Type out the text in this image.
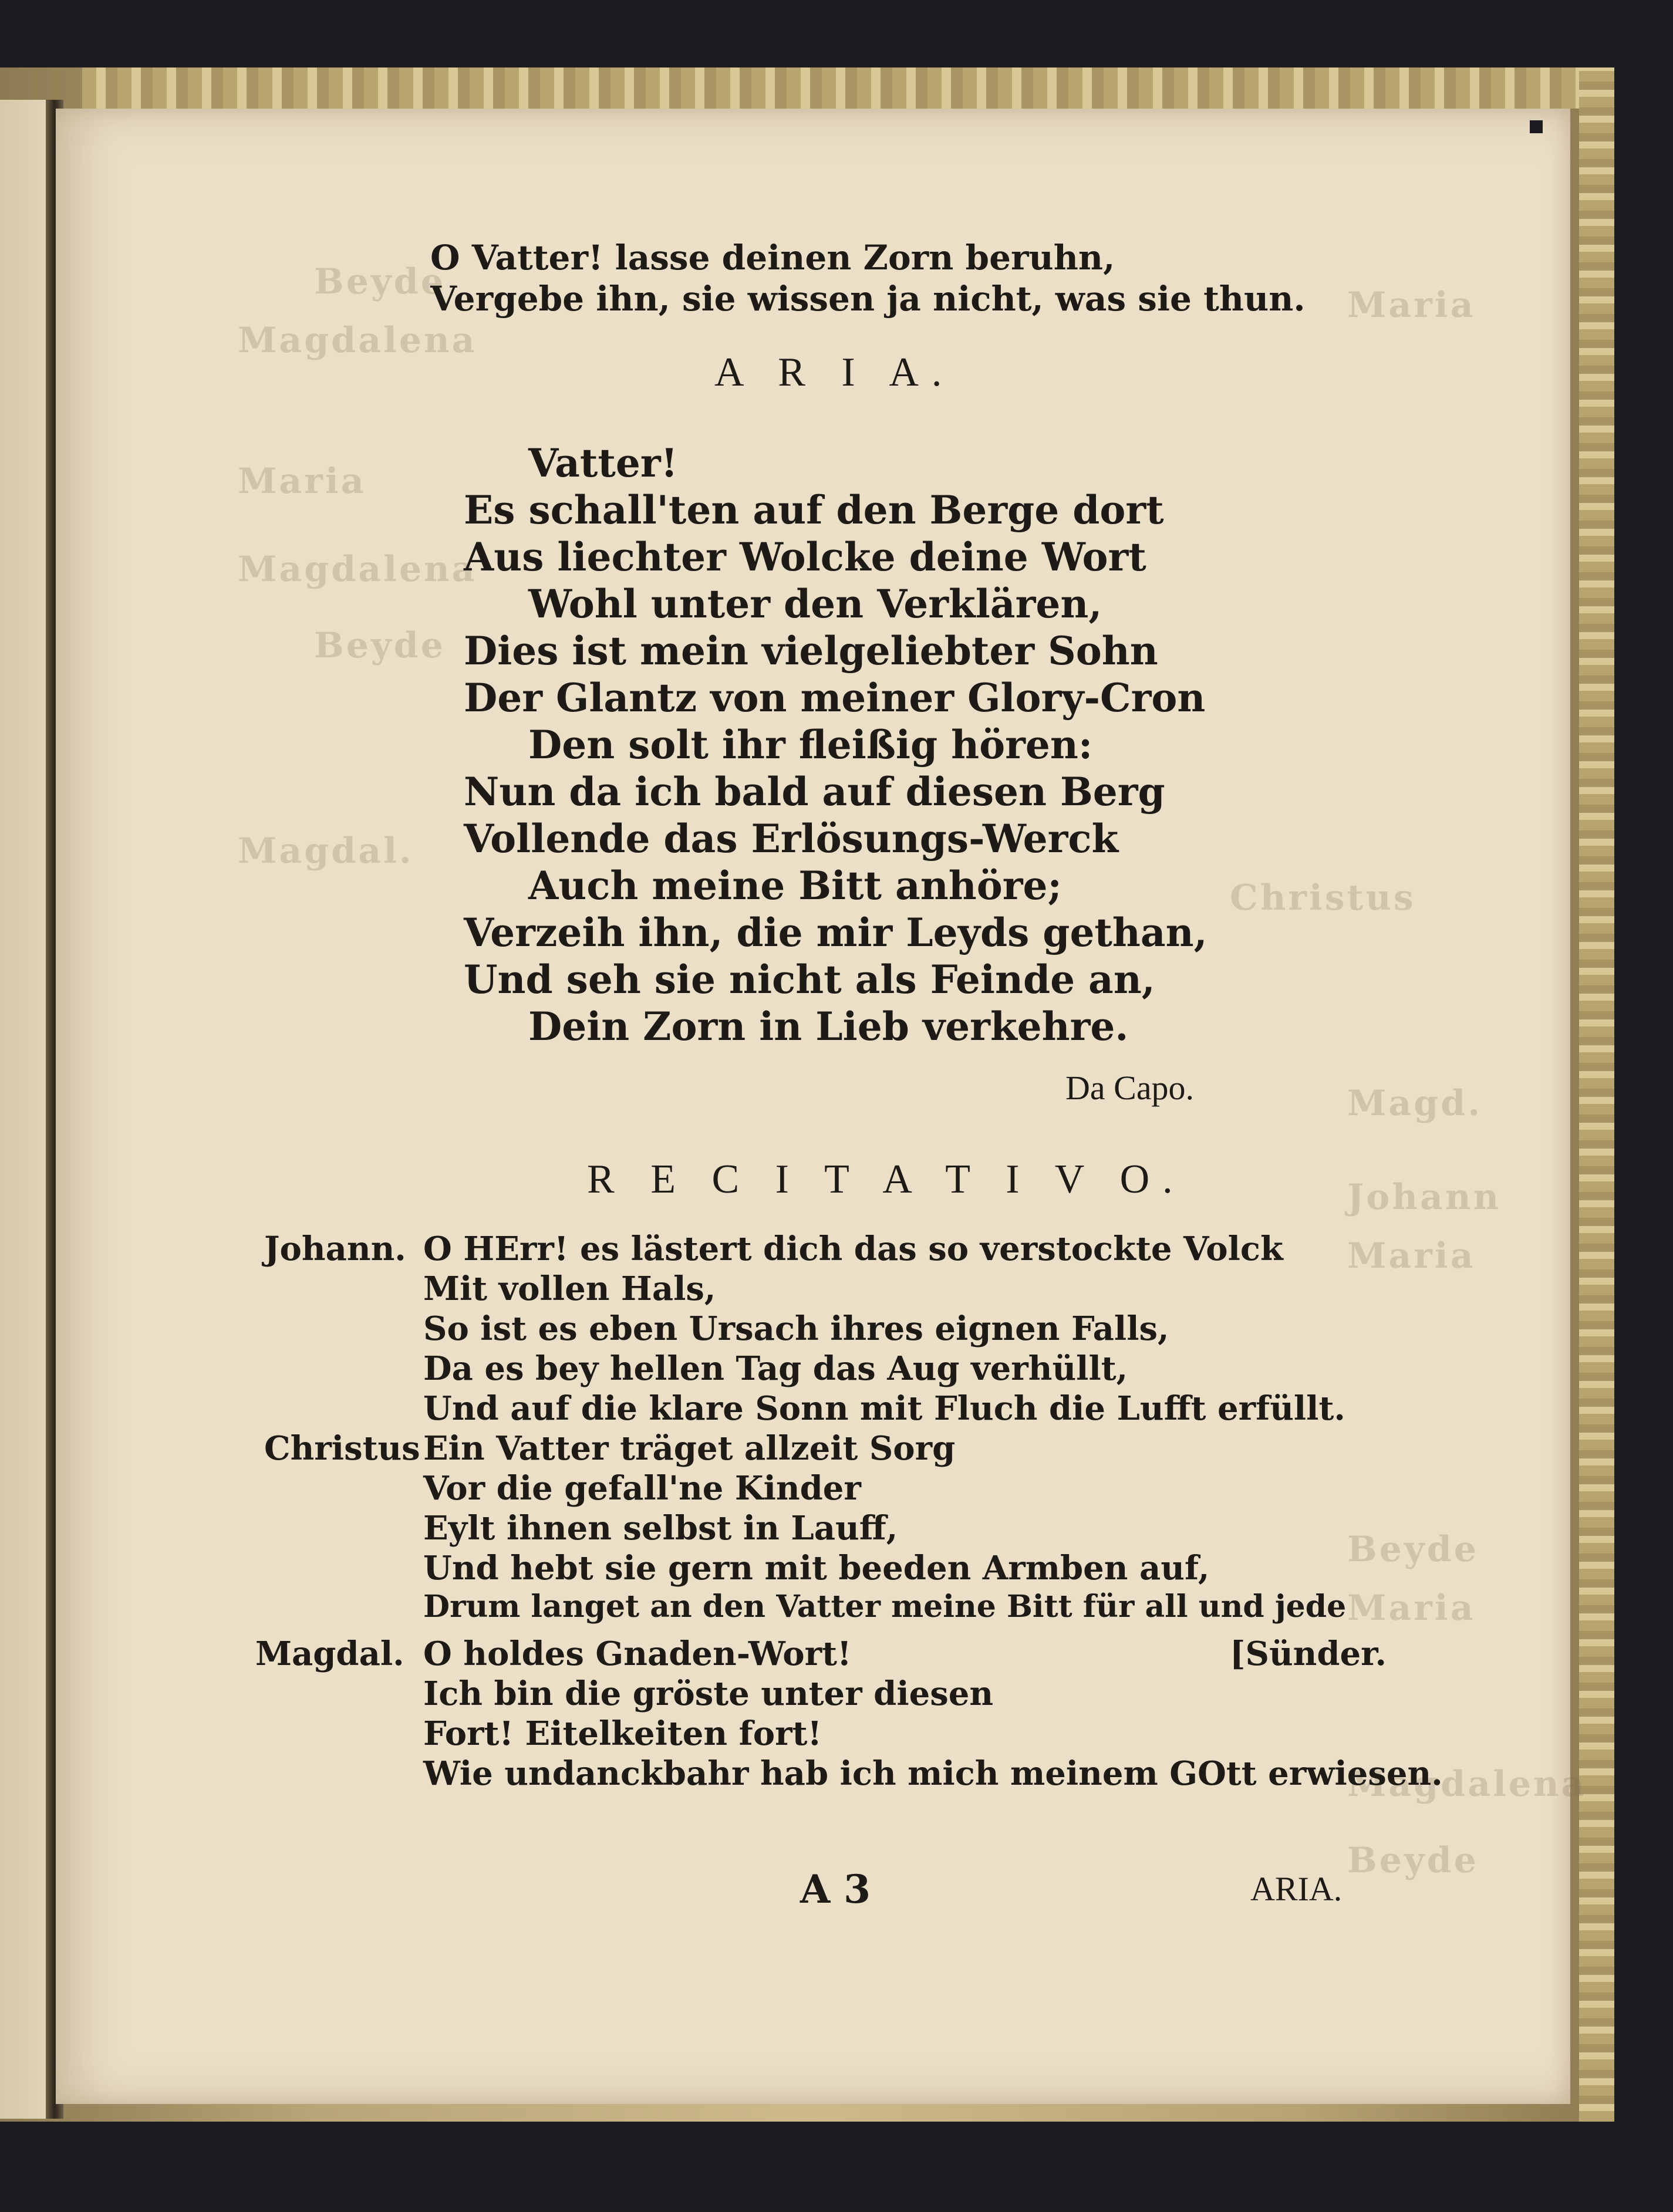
Beyde
Maria
Magdalena
Maria
Magdalena
Beyde
Magdal.
Christus
Magd.
Johann
Maria
Beyde
Maria
Magdalena
Beyde
O Vatter! lasse deinen Zorn beruhn,
Vergebe ihn, sie wissen ja nicht, was sie thun.
A R I A.
Vatter!
Es schall'ten auf den Berge dort
Aus liechter Wolcke deine Wort
Wohl unter den Verklären,
Dies ist mein vielgeliebter Sohn
Der Glantz von meiner Glory-Cron
Den solt ihr fleißig hören:
Nun da ich bald auf diesen Berg
Vollende das Erlösungs-Werck
Auch meine Bitt anhöre;
Verzeih ihn, die mir Leyds gethan,
Und seh sie nicht als Feinde an,
Dein Zorn in Lieb verkehre.
Da Capo.
R E C I T A T I V O.
Johann.
Christus
Magdal.
O HErr! es lästert dich das so verstockte Volck
Mit vollen Hals,
So ist es eben Ursach ihres eignen Falls,
Da es bey hellen Tag das Aug verhüllt,
Und auf die klare Sonn mit Fluch die Lufft erfüllt.
Ein Vatter träget allzeit Sorg
Vor die gefall'ne Kinder
Eylt ihnen selbst in Lauff,
Und hebt sie gern mit beeden Armben auf,
Drum langet an den Vatter meine Bitt für all und jede
O holdes Gnaden-Wort!	[Sünder.
Ich bin die gröste unter diesen
Fort! Eitelkeiten fort!
Wie undanckbahr hab ich mich meinem GOtt erwiesen.
A 3	ARIA.
